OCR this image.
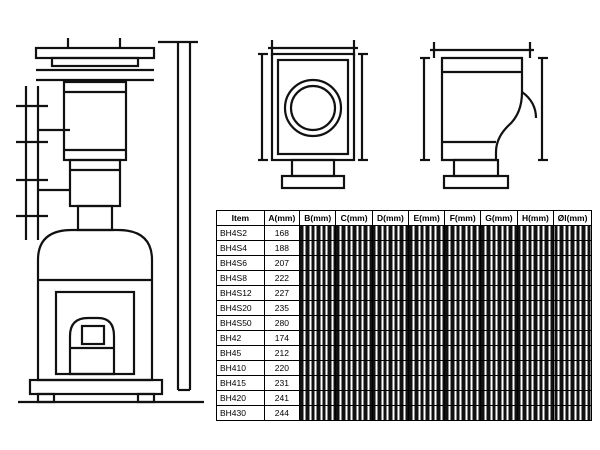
Item	A(mm)	B(mm)	C(mm)	D(mm)	E(mm)	F(mm)	G(mm)	H(mm)	Øl(mm)
BH4S2	168								
BH4S4	188								
BH4S6	207								
BH4S8	222								
BH4S12	227								
BH4S20	235								
BH4S50	280								
BH42	174								
BH45	212								
BH410	220								
BH415	231								
BH420	241								
BH430	244								
